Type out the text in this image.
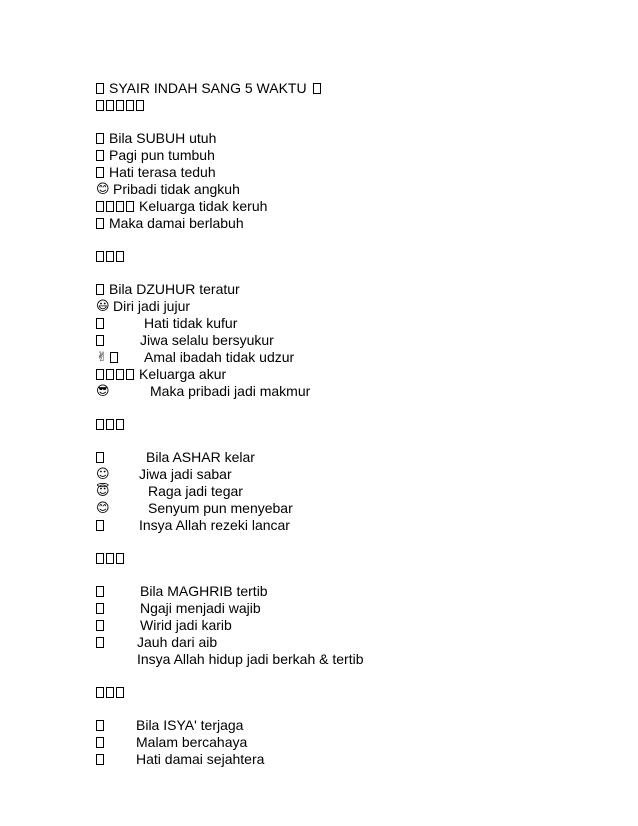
SYAIR INDAH SANG 5 WAKTU
Bila SUBUH utuh
Pagi pun tumbuh
Hati terasa teduh
😊 Pribadi tidak angkuh
Keluarga tidak keruh
Maka damai berlabuh
Bila DZUHUR teratur
😃 Diri jadi jujur
Hati tidak kufur
Jiwa selalu bersyukur
✌	Amal ibadah tidak udzur
Keluarga akur
😎	Maka pribadi jadi makmur
Bila ASHAR kelar
☺ Jiwa jadi sabar
😇	Raga jadi tegar
😊	Senyum pun menyebar
Insya Allah rezeki lancar
Bila MAGHRIB tertib
Ngaji menjadi wajib
Wirid jadi karib
Jauh dari aib
Insya Allah hidup jadi berkah & tertib
Bila ISYA' terjaga
Malam bercahaya
Hati damai sejahtera
